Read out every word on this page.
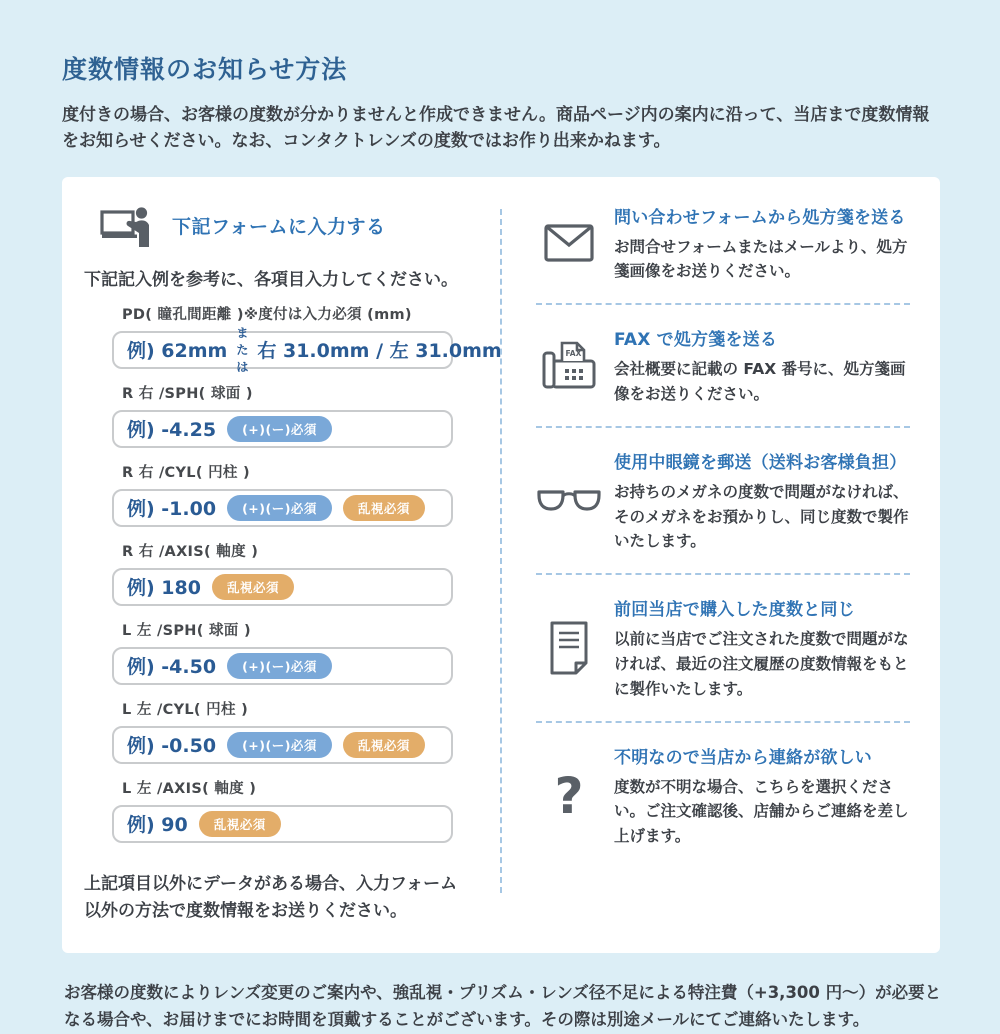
度数情報のお知らせ方法

度付きの場合、お客様の度数が分かりませんと作成できません。商品ページ内の案内に沿って、当店まで度数情報をお知らせください。なお、コンタクトレンズの度数ではお作り出来かねます。

下記フォームに入力する

下記記入例を参考に、各項目入力してください。

PD( 瞳孔間距離 )※度付は入力必須 (mm)
例) 62mm
または
右 31.0mm / 左 31.0mm
R 右 /SPH( 球面 )
例) -4.25	(+)(ー)必須
R 右 /CYL( 円柱 )
例) -1.00	(+)(ー)必須	乱視必須
R 右 /AXIS( 軸度 )
例) 180	乱視必須
L 左 /SPH( 球面 )
例) -4.50	(+)(ー)必須
L 左 /CYL( 円柱 )
例) -0.50	(+)(ー)必須	乱視必須
L 左 /AXIS( 軸度 )
例) 90	乱視必須

上記項目以外にデータがある場合、入力フォーム以外の方法で度数情報をお送りください。

問い合わせフォームから処方箋を送る
お問合せフォームまたはメールより、処方箋画像をお送りください。
FAX
FAX で処方箋を送る
会社概要に記載の FAX 番号に、処方箋画像をお送りください。
使用中眼鏡を郵送（送料お客様負担）
お持ちのメガネの度数で問題がなければ、そのメガネをお預かりし、同じ度数で製作いたします。
前回当店で購入した度数と同じ
以前に当店でご注文された度数で問題がなければ、最近の注文履歴の度数情報をもとに製作いたします。
?
不明なので当店から連絡が欲しい
度数が不明な場合、こちらを選択ください。ご注文確認後、店舗からご連絡を差し上げます。

お客様の度数によりレンズ変更のご案内や、強乱視・プリズム・レンズ径不足による特注費（+3,300 円〜）が必要となる場合や、お届けまでにお時間を頂戴することがございます。その際は別途メールにてご連絡いたします。
